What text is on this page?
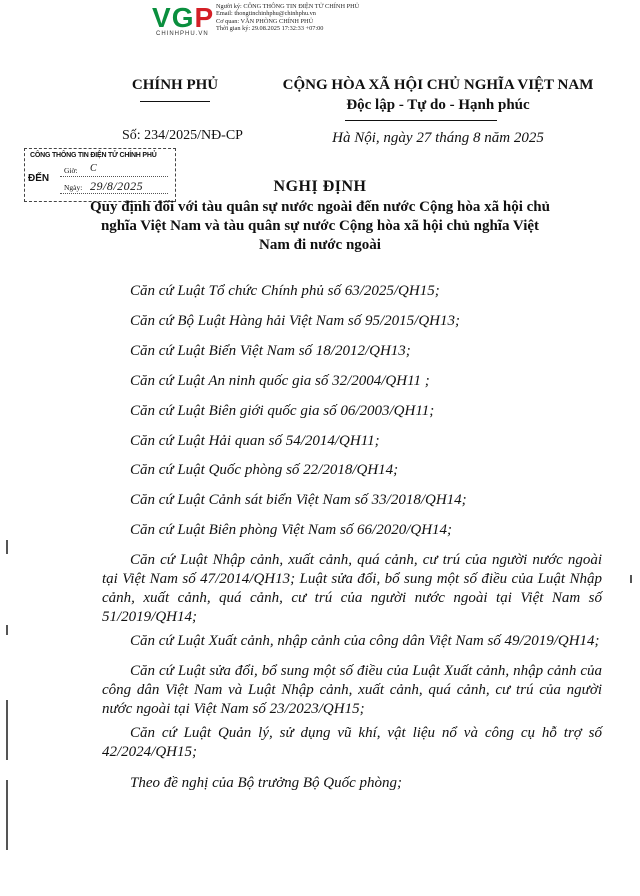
VGP
CHINHPHU.VN
Người ký: CÔNG THÔNG TIN ĐIỆN TỬ CHÍNH PHỦ
Email: thongtinchinhphu@chinhphu.vn
Cơ quan: VĂN PHÒNG CHÍNH PHỦ
Thời gian ký: 29.08.2025 17:32:33 +07:00
CHÍNH PHỦ	CỘNG HÒA XÃ HỘI CHỦ NGHĨA VIỆT NAM
Độc lập - Tự do - Hạnh phúc
Số: 234/2025/NĐ-CP	Hà Nội, ngày 27 tháng 8 năm 2025
CÔNG THÔNG TIN ĐIỆN TỬ CHÍNH PHỦ
ĐẾN
Giờ: C
Ngày: 29/8/2025	NGHỊ ĐỊNH
Quy định đối với tàu quân sự nước ngoài đến nước Cộng hòa xã hội chủ nghĩa Việt Nam và tàu quân sự nước Cộng hòa xã hội chủ nghĩa Việt Nam đi nước ngoài
Căn cứ Luật Tổ chức Chính phủ số 63/2025/QH15;
Căn cứ Bộ Luật Hàng hải Việt Nam số 95/2015/QH13;
Căn cứ Luật Biển Việt Nam số 18/2012/QH13;
Căn cứ Luật An ninh quốc gia số 32/2004/QH11 ;
Căn cứ Luật Biên giới quốc gia số 06/2003/QH11;
Căn cứ Luật Hải quan số 54/2014/QH11;
Căn cứ Luật Quốc phòng số 22/2018/QH14;
Căn cứ Luật Cảnh sát biển Việt Nam số 33/2018/QH14;
Căn cứ Luật Biên phòng Việt Nam số 66/2020/QH14;
Căn cứ Luật Nhập cảnh, xuất cảnh, quá cảnh, cư trú của người nước ngoài tại Việt Nam số 47/2014/QH13; Luật sửa đổi, bổ sung một số điều của Luật Nhập cảnh, xuất cảnh, quá cảnh, cư trú của người nước ngoài tại Việt Nam số 51/2019/QH14;
Căn cứ Luật Xuất cảnh, nhập cảnh của công dân Việt Nam số 49/2019/QH14;
Căn cứ Luật sửa đổi, bổ sung một số điều của Luật Xuất cảnh, nhập cảnh của công dân Việt Nam và Luật Nhập cảnh, xuất cảnh, quá cảnh, cư trú của người nước ngoài tại Việt Nam số 23/2023/QH15;
Căn cứ Luật Quản lý, sử dụng vũ khí, vật liệu nổ và công cụ hỗ trợ số 42/2024/QH15;
Theo đề nghị của Bộ trưởng Bộ Quốc phòng;
